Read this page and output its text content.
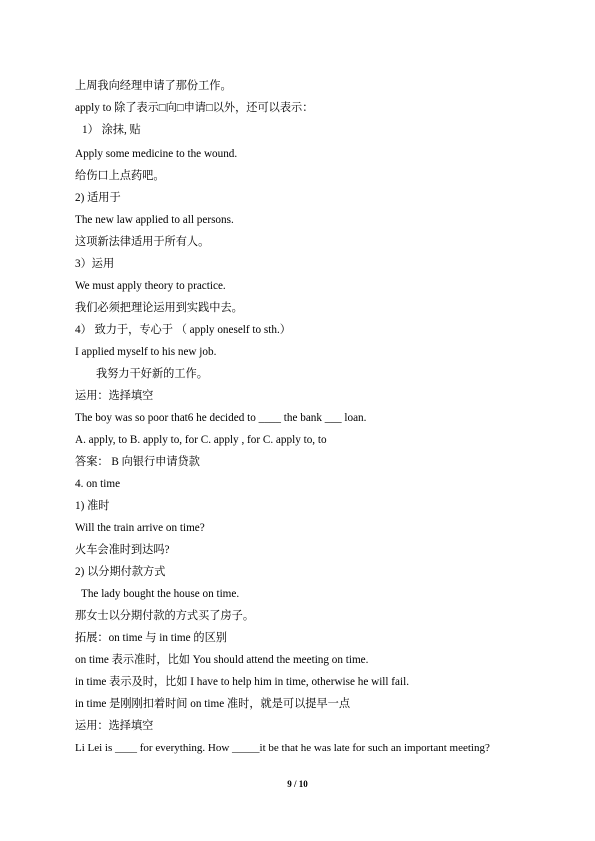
上周我向经理申请了那份工作。
apply to 除了表示□向□申请□以外，还可以表示：
1） 涂抹, 贴
Apply some medicine to the wound.
给伤口上点药吧。
2) 适用于
The new law applied to all persons.
这项新法律适用于所有人。
3）运用
We must apply theory to practice.
我们必须把理论运用到实践中去。
4） 致力于，专心于 （ apply oneself to sth.）
I applied myself to his new job.
我努力干好新的工作。
运用：选择填空
The boy was so poor that6 he decided to ____ the bank ___ loan.
A. apply, to B. apply to, for C. apply , for C. apply to, to
答案： B 向银行申请贷款
4. on time
1) 准时
Will the train arrive on time?
火车会准时到达吗?
2) 以分期付款方式
The lady bought the house on time.
那女士以分期付款的方式买了房子。
拓展：on time 与 in time 的区别
on time 表示准时，比如 You should attend the meeting on time.
in time 表示及时，比如 I have to help him in time, otherwise he will fail.
in time 是刚刚扣着时间 on time 准时，就是可以提早一点
运用：选择填空
Li Lei is ____ for everything. How _____it be that he was late for such an important meeting?
9 / 10
